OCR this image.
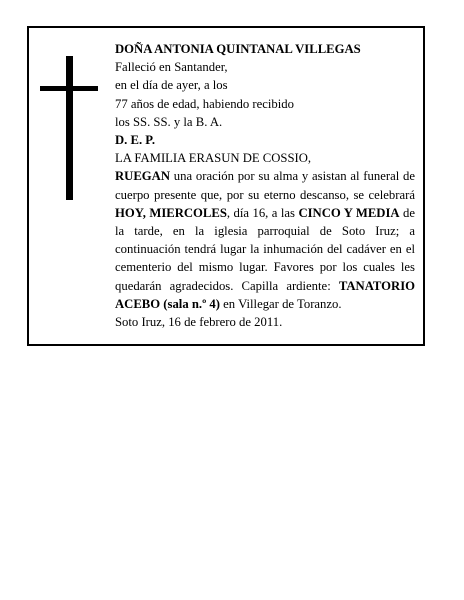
DOÑA ANTONIA QUINTANAL VILLEGAS
Falleció en Santander,
en el día de ayer, a los
77 años de edad, habiendo recibido
los SS. SS. y la B. A.
D. E. P.
LA FAMILIA ERASUN DE COSSIO,
RUEGAN una oración por su alma y asistan al funeral de cuerpo presente que, por su eterno descanso, se celebrará HOY, MIERCOLES, día 16, a las CINCO Y MEDIA de la tarde, en la iglesia parroquial de Soto Iruz; a continuación tendrá lugar la inhumación del cadáver en el cementerio del mismo lugar. Favores por los cuales les quedarán agradecidos. Capilla ardiente: TANATORIO ACEBO (sala n.º 4) en Villegar de Toranzo.
Soto Iruz, 16 de febrero de 2011.
